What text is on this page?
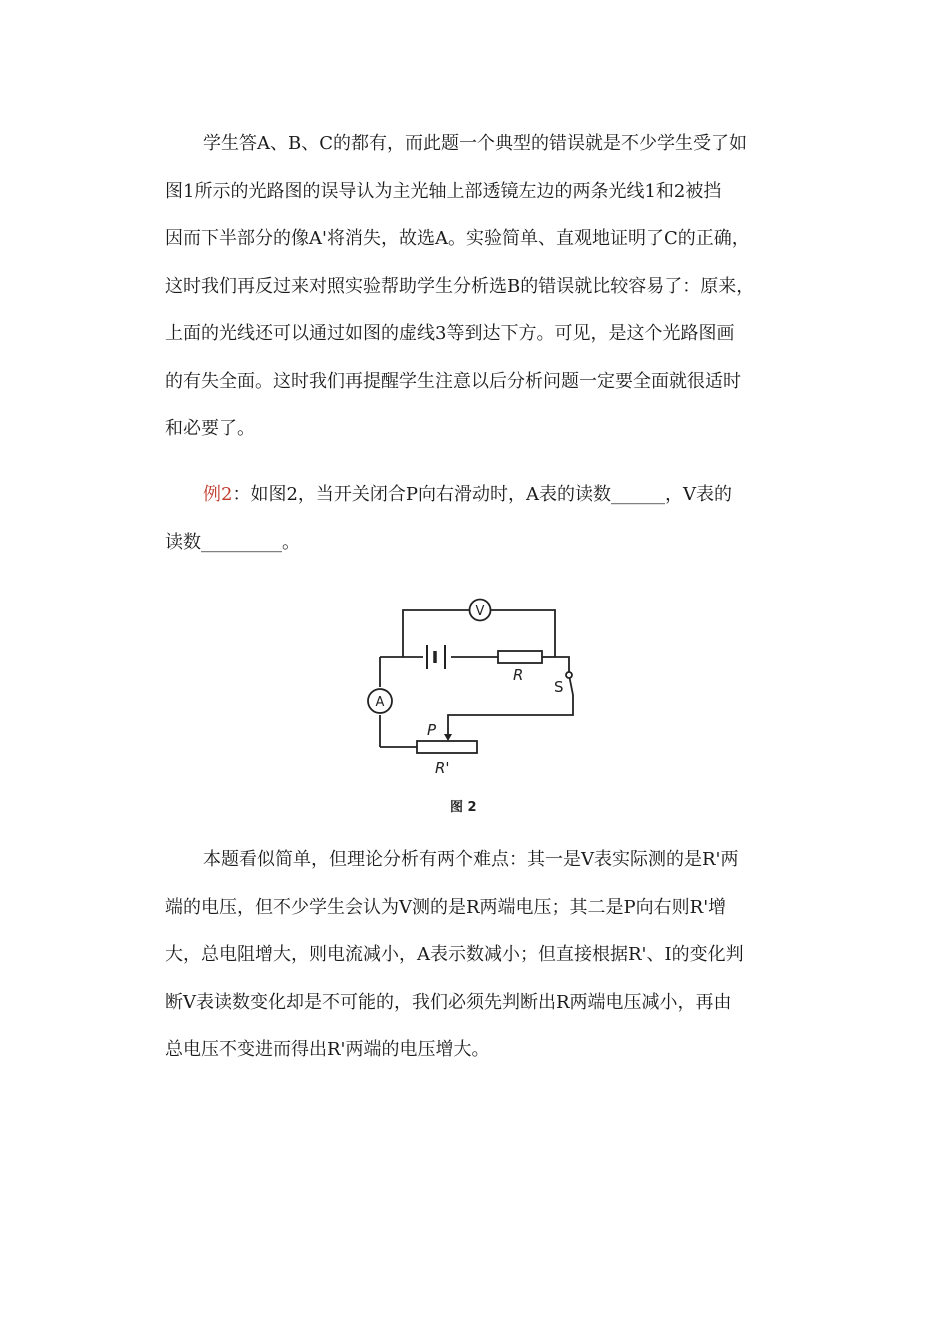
学生答A、B、C的都有，而此题一个典型的错误就是不少学生受了如
图1所示的光路图的误导认为主光轴上部透镜左边的两条光线1和2被挡
因而下半部分的像A'将消失，故选A。实验简单、直观地证明了C的正确，
这时我们再反过来对照实验帮助学生分析选B的错误就比较容易了：原来，
上面的光线还可以通过如图的虚线3等到达下方。可见，是这个光路图画
的有失全面。这时我们再提醒学生注意以后分析问题一定要全面就很适时
和必要了。
例2：如图2，当开关闭合P向右滑动时，A表的读数______，V表的
读数_________。
R
S
V
A
P
R'
图 2
本题看似简单，但理论分析有两个难点：其一是V表实际测的是R'两
端的电压，但不少学生会认为V测的是R两端电压；其二是P向右则R'增
大，总电阻增大，则电流减小，A表示数减小；但直接根据R'、I的变化判
断V表读数变化却是不可能的，我们必须先判断出R两端电压减小，再由
总电压不变进而得出R'两端的电压增大。
